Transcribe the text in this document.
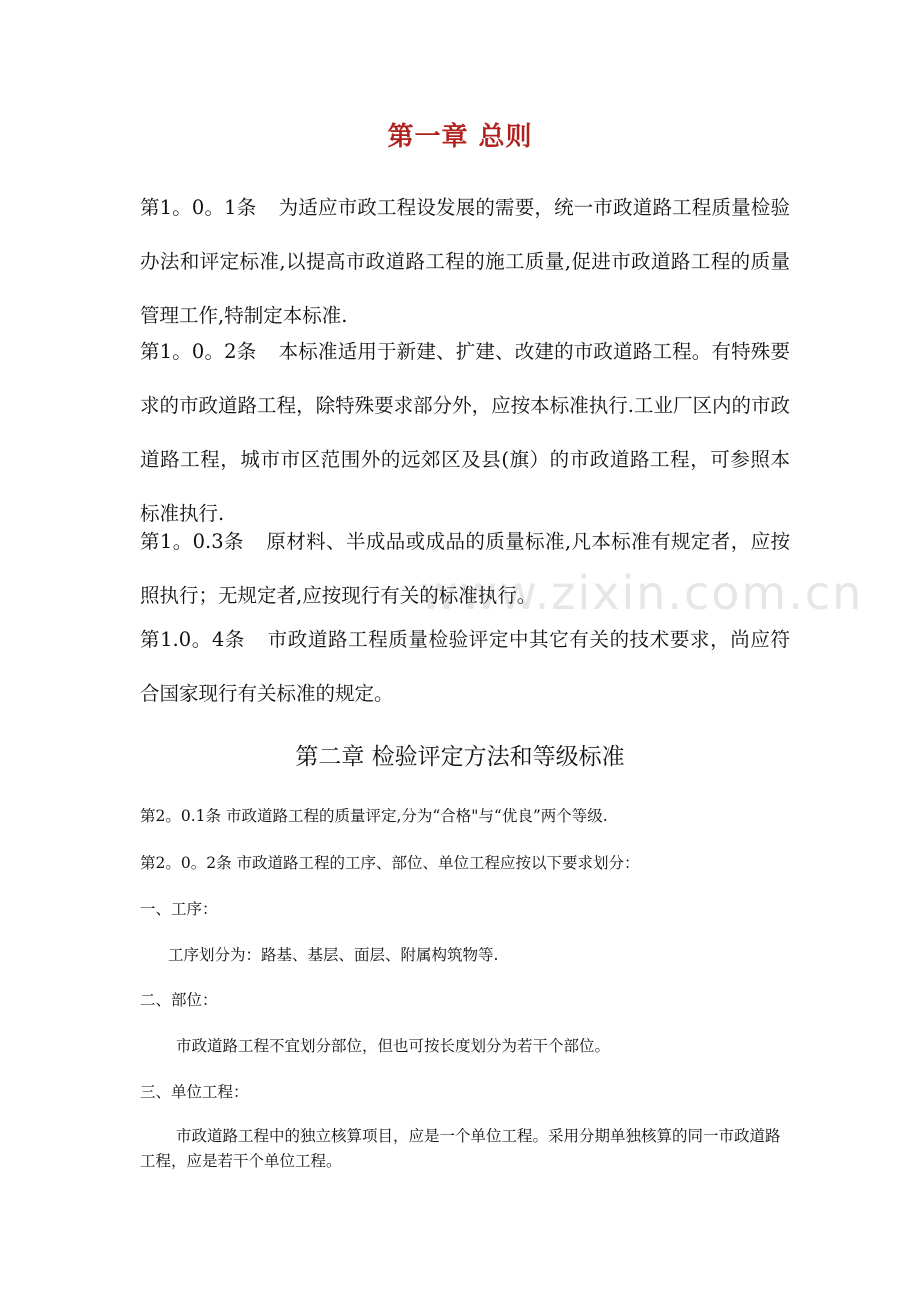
www.zixin.com.cn
第一章 总则
第1。0。1条 为适应市政工程设发展的需要，统一市政道路工程质量检验办法和评定标准,以提高市政道路工程的施工质量,促进市政道路工程的质量管理工作,特制定本标准.
第1。0。2条 本标准适用于新建、扩建、改建的市政道路工程。有特殊要求的市政道路工程，除特殊要求部分外，应按本标准执行.工业厂区内的市政道路工程，城市市区范围外的远郊区及县(旗）的市政道路工程，可参照本标准执行.
第1。0.3条 原材料、半成品或成品的质量标准,凡本标准有规定者，应按照执行；无规定者,应按现行有关的标准执行。
第1.0。4条 市政道路工程质量检验评定中其它有关的技术要求，尚应符合国家现行有关标准的规定。
第二章 检验评定方法和等级标准
第2。0.1条 市政道路工程的质量评定,分为“合格"与“优良”两个等级.
第2。0。2条 市政道路工程的工序、部位、单位工程应按以下要求划分：
一、工序：
工序划分为：路基、基层、面层、附属构筑物等.
二、部位：
市政道路工程不宜划分部位，但也可按长度划分为若干个部位。
三、单位工程：
市政道路工程中的独立核算项目，应是一个单位工程。采用分期单独核算的同一市政道路工程，应是若干个单位工程。
